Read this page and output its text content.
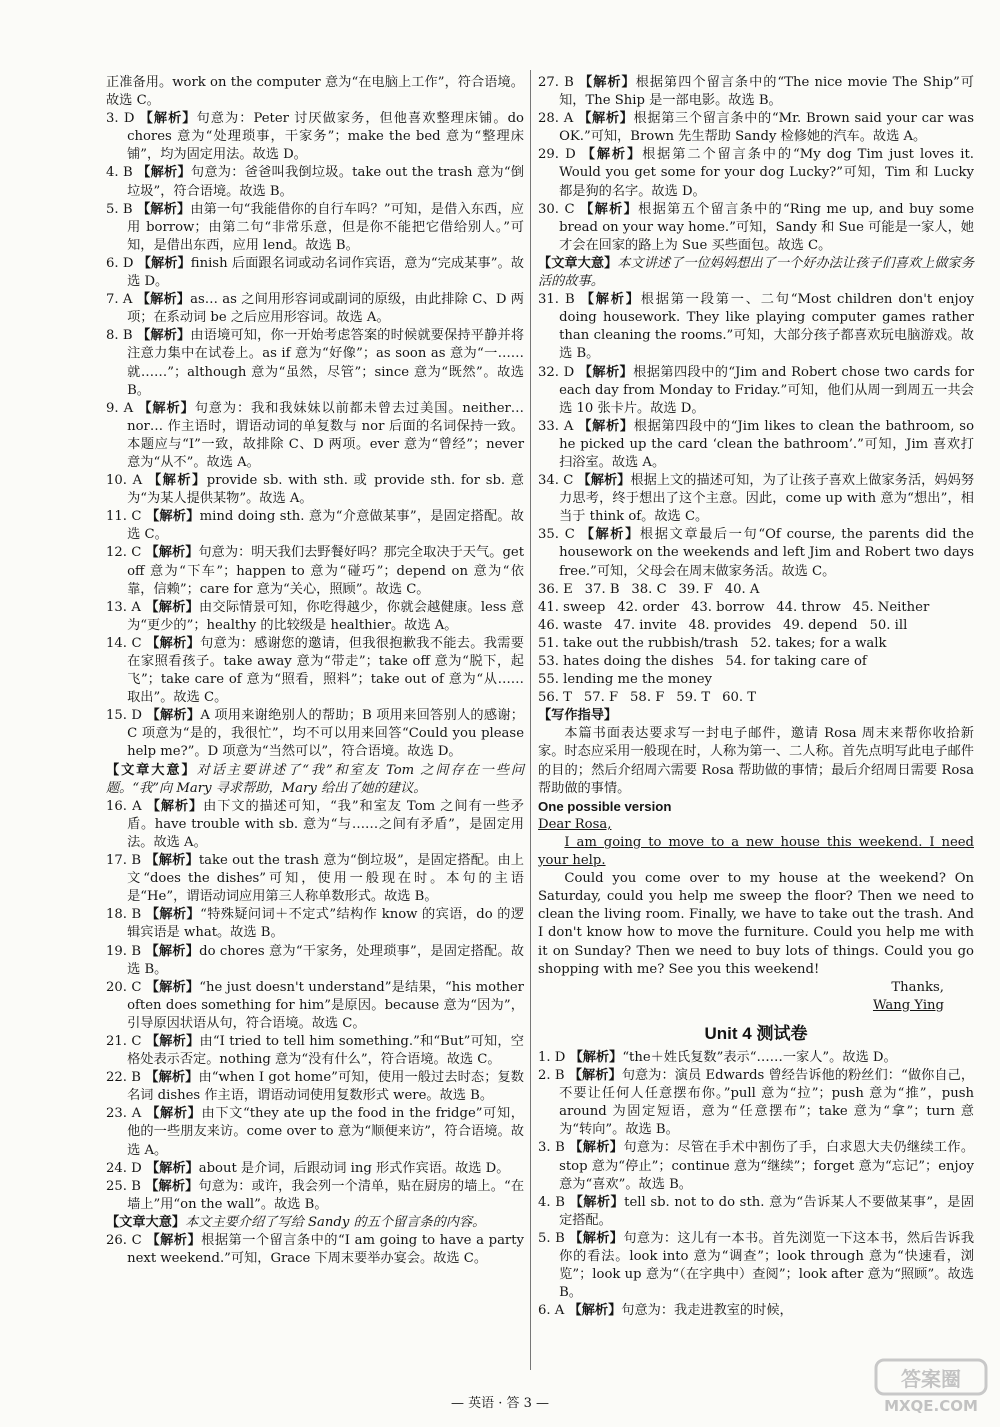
正准备用。work on the computer 意为“在电脑上工作”，符合语境。故选 C。

3. D 【解析】句意为：Peter 讨厌做家务，但他喜欢整理床铺。do chores 意为“处理琐事，干家务”；make the bed 意为“整理床铺”，均为固定用法。故选 D。

4. B 【解析】句意为：爸爸叫我倒垃圾。take out the trash 意为“倒垃圾”，符合语境。故选 B。

5. B 【解析】由第一句“我能借你的自行车吗？”可知，是借入东西，应用 borrow；由第二句“非常乐意，但是你不能把它借给别人。”可知，是借出东西，应用 lend。故选 B。

6. D 【解析】finish 后面跟名词或动名词作宾语，意为“完成某事”。故选 D。

7. A 【解析】as… as 之间用形容词或副词的原级，由此排除 C、D 两项；在系动词 be 之后应用形容词。故选 A。

8. B 【解析】由语境可知，你一开始考虑答案的时候就要保持平静并将注意力集中在试卷上。as if 意为“好像”；as soon as 意为“一……就……”；although 意为“虽然，尽管”；since 意为“既然”。故选 B。

9. A 【解析】句意为：我和我妹妹以前都未曾去过美国。neither… nor… 作主语时，谓语动词的单复数与 nor 后面的名词保持一致。本题应与“I”一致，故排除 C、D 两项。ever 意为“曾经”；never 意为“从不”。故选 A。

10. A 【解析】provide sb. with sth. 或 provide sth. for sb. 意为“为某人提供某物”。故选 A。

11. C 【解析】mind doing sth. 意为“介意做某事”，是固定搭配。故选 C。

12. C 【解析】句意为：明天我们去野餐好吗？那完全取决于天气。get off 意为“下车”；happen to 意为“碰巧”；depend on 意为“依靠，信赖”；care for 意为“关心，照顾”。故选 C。

13. A 【解析】由交际情景可知，你吃得越少，你就会越健康。less 意为“更少的”；healthy 的比较级是 healthier。故选 A。

14. C 【解析】句意为：感谢您的邀请，但我很抱歉我不能去。我需要在家照看孩子。take away 意为“带走”；take off 意为“脱下，起飞”；take care of 意为“照看，照料”；take out of 意为“从……取出”。故选 C。

15. D 【解析】A 项用来谢绝别人的帮助；B 项用来回答别人的感谢；C 项意为“是的，我很忙”，均不可以用来回答“Could you please help me?”。D 项意为“当然可以”，符合语境。故选 D。

【文章大意】对话主要讲述了“我”和室友 Tom 之间存在一些问题。“我”向 Mary 寻求帮助，Mary 给出了她的建议。

16. A 【解析】由下文的描述可知，“我”和室友 Tom 之间有一些矛盾。have trouble with sb. 意为“与……之间有矛盾”，是固定用法。故选 A。

17. B 【解析】take out the trash 意为“倒垃圾”，是固定搭配。由上文“does the dishes”可知，使用一般现在时。本句的主语是“He”，谓语动词应用第三人称单数形式。故选 B。

18. B 【解析】“特殊疑问词＋不定式”结构作 know 的宾语，do 的逻辑宾语是 what。故选 B。

19. B 【解析】do chores 意为“干家务，处理琐事”，是固定搭配。故选 B。

20. C 【解析】“he just doesn't understand”是结果，“his mother often does something for him”是原因。because 意为“因为”，引导原因状语从句，符合语境。故选 C。

21. C 【解析】由“I tried to tell him something.”和“But”可知，空格处表示否定。nothing 意为“没有什么”，符合语境。故选 C。

22. B 【解析】由“when I got home”可知，使用一般过去时态；复数名词 dishes 作主语，谓语动词使用复数形式 were。故选 B。

23. A 【解析】由下文“they ate up the food in the fridge”可知，他的一些朋友来访。come over to 意为“顺便来访”，符合语境。故选 A。

24. D 【解析】about 是介词，后跟动词 ing 形式作宾语。故选 D。

25. B 【解析】句意为：或许，我会列一个清单，贴在厨房的墙上。“在墙上”用“on the wall”。故选 B。

【文章大意】本文主要介绍了写给 Sandy 的五个留言条的内容。

26. C 【解析】根据第一个留言条中的“I am going to have a party next weekend.”可知，Grace 下周末要举办宴会。故选 C。

27. B 【解析】根据第四个留言条中的“The nice movie The Ship”可知，The Ship 是一部电影。故选 B。

28. A 【解析】根据第三个留言条中的“Mr. Brown said your car was OK.”可知，Brown 先生帮助 Sandy 检修她的汽车。故选 A。

29. D 【解析】根据第二个留言条中的“My dog Tim just loves it. Would you get some for your dog Lucky?”可知，Tim 和 Lucky 都是狗的名字。故选 D。

30. C 【解析】根据第五个留言条中的“Ring me up, and buy some bread on your way home.”可知，Sandy 和 Sue 可能是一家人，她才会在回家的路上为 Sue 买些面包。故选 C。

【文章大意】本文讲述了一位妈妈想出了一个好办法让孩子们喜欢上做家务活的故事。

31. B 【解析】根据第一段第一、二句“Most children don't enjoy doing housework. They like playing computer games rather than cleaning the rooms.”可知，大部分孩子都喜欢玩电脑游戏。故选 B。

32. D 【解析】根据第四段中的“Jim and Robert chose two cards for each day from Monday to Friday.”可知，他们从周一到周五一共会选 10 张卡片。故选 D。

33. A 【解析】根据第四段中的“Jim likes to clean the bathroom, so he picked up the card ‘clean the bathroom’.”可知，Jim 喜欢打扫浴室。故选 A。

34. C 【解析】根据上文的描述可知，为了让孩子喜欢上做家务活，妈妈努力思考，终于想出了这个主意。因此，come up with 意为“想出”，相当于 think of。故选 C。

35. C 【解析】根据文章最后一句“Of course, the parents did the housework on the weekends and left Jim and Robert two days free.”可知，父母会在周末做家务活。故选 C。

36. E 37. B 38. C 39. F 40. A

41. sweep 42. order 43. borrow 44. throw 45. Neither

46. waste 47. invite 48. provides 49. depend 50. ill

51. take out the rubbish/trash 52. takes; for a walk

53. hates doing the dishes 54. for taking care of

55. lending me the money

56. T 57. F 58. F 59. T 60. T

【写作指导】

本篇书面表达要求写一封电子邮件，邀请 Rosa 周末来帮你收拾新家。时态应采用一般现在时，人称为第一、二人称。首先点明写此电子邮件的目的；然后介绍周六需要 Rosa 帮助做的事情；最后介绍周日需要 Rosa 帮助做的事情。

One possible version

Dear Rosa,

I am going to move to a new house this weekend. I need your help.

Could you come over to my house at the weekend? On Saturday, could you help me sweep the floor? Then we need to clean the living room. Finally, we have to take out the trash. And I don't know how to move the furniture. Could you help me with it on Sunday? Then we need to buy lots of things. Could you go shopping with me? See you this weekend!

Thanks,

Wang Ying

Unit 4 测试卷

1. D 【解析】“the＋姓氏复数”表示“……一家人”。故选 D。

2. B 【解析】句意为：演员 Edwards 曾经告诉他的粉丝们：“做你自己，不要让任何人任意摆布你。”pull 意为“拉”；push 意为“推”，push around 为固定短语，意为“任意摆布”；take 意为“拿”；turn 意为“转向”。故选 B。

3. B 【解析】句意为：尽管在手术中割伤了手，白求恩大夫仍继续工作。stop 意为“停止”；continue 意为“继续”；forget 意为“忘记”；enjoy 意为“喜欢”。故选 B。

4. B 【解析】tell sb. not to do sth. 意为“告诉某人不要做某事”，是固定搭配。

5. B 【解析】句意为：这儿有一本书。首先浏览一下这本书，然后告诉我你的看法。look into 意为“调查”；look through 意为“快速看，浏览”；look up 意为“（在字典中）查阅”；look after 意为“照顾”。故选 B。

6. A 【解析】句意为：我走进教室的时候，

— 英语 · 答 3 —
答案圈
MXQE.COM
